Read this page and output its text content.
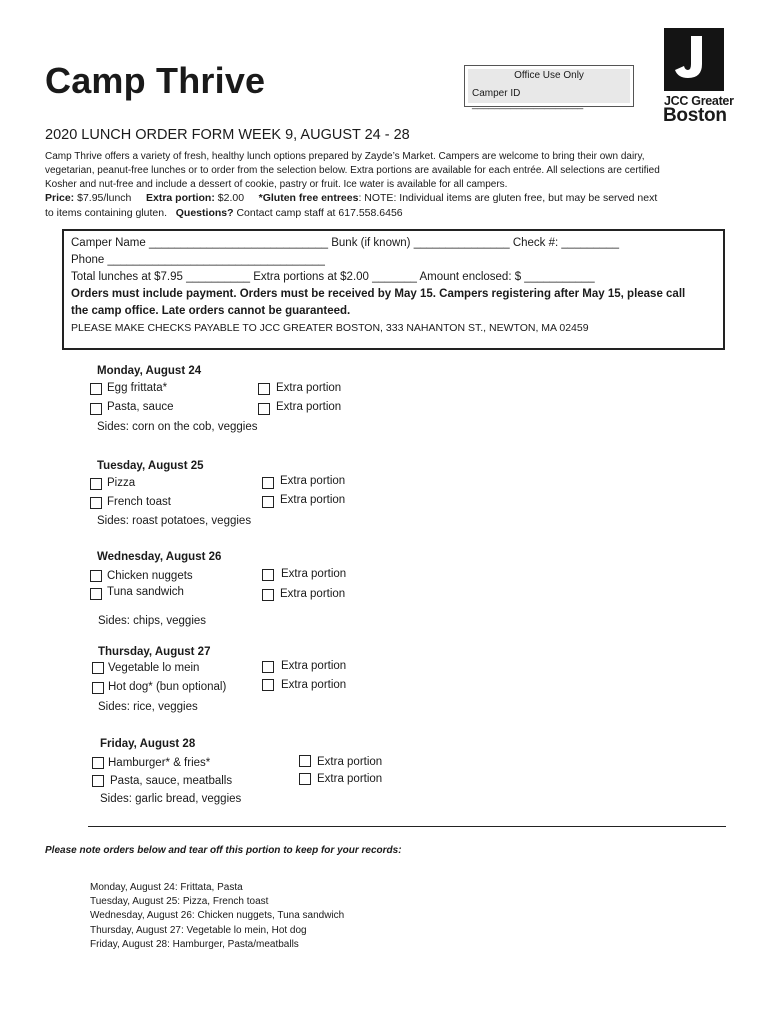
Camp Thrive	Office Use Only
Camper ID ____________________	JCC Greater
Boston
2020 LUNCH ORDER FORM WEEK 9, AUGUST 24 - 28
Camp Thrive offers a variety of fresh, healthy lunch options prepared by Zayde’s Market. Campers are welcome to bring their own dairy,
vegetarian, peanut-free lunches or to order from the selection below. Extra portions are available for each entrée. All selections are certified
Kosher and nut-free and include a dessert of cookie, pastry or fruit. Ice water is available for all campers.
Price: $7.95/lunch Extra portion: $2.00 *Gluten free entrees: NOTE: Individual items are gluten free, but may be served next
to items containing gluten. Questions? Contact camp staff at 617.558.6456
Camper Name ____________________________ Bunk (if known) _______________ Check #: _________
Phone __________________________________
Total lunches at $7.95 __________ Extra portions at $2.00 _______ Amount enclosed: $ ___________
Orders must include payment. Orders must be received by May 15. Campers registering after May 15, please call
the camp office. Late orders cannot be guaranteed.
PLEASE MAKE CHECKS PAYABLE TO JCC GREATER BOSTON, 333 NAHANTON ST., NEWTON, MA 02459
Monday, August 24
Egg frittata*	Extra portion
Pasta, sauce	Extra portion
Sides: corn on the cob, veggies
Tuesday, August 25
Pizza	Extra portion
French toast	Extra portion
Sides: roast potatoes, veggies
Wednesday, August 26
Chicken nuggets	Extra portion
Tuna sandwich	Extra portion
Sides: chips, veggies
Thursday, August 27
Vegetable lo mein	Extra portion
Hot dog* (bun optional)	Extra portion
Sides: rice, veggies
Friday, August 28
Hamburger* & fries*	Extra portion
Pasta, sauce, meatballs	Extra portion
Sides: garlic bread, veggies
Please note orders below and tear off this portion to keep for your records:
Monday, August 24: Frittata, Pasta
Tuesday, August 25: Pizza, French toast
Wednesday, August 26: Chicken nuggets, Tuna sandwich
Thursday, August 27: Vegetable lo mein, Hot dog
Friday, August 28: Hamburger, Pasta/meatballs
